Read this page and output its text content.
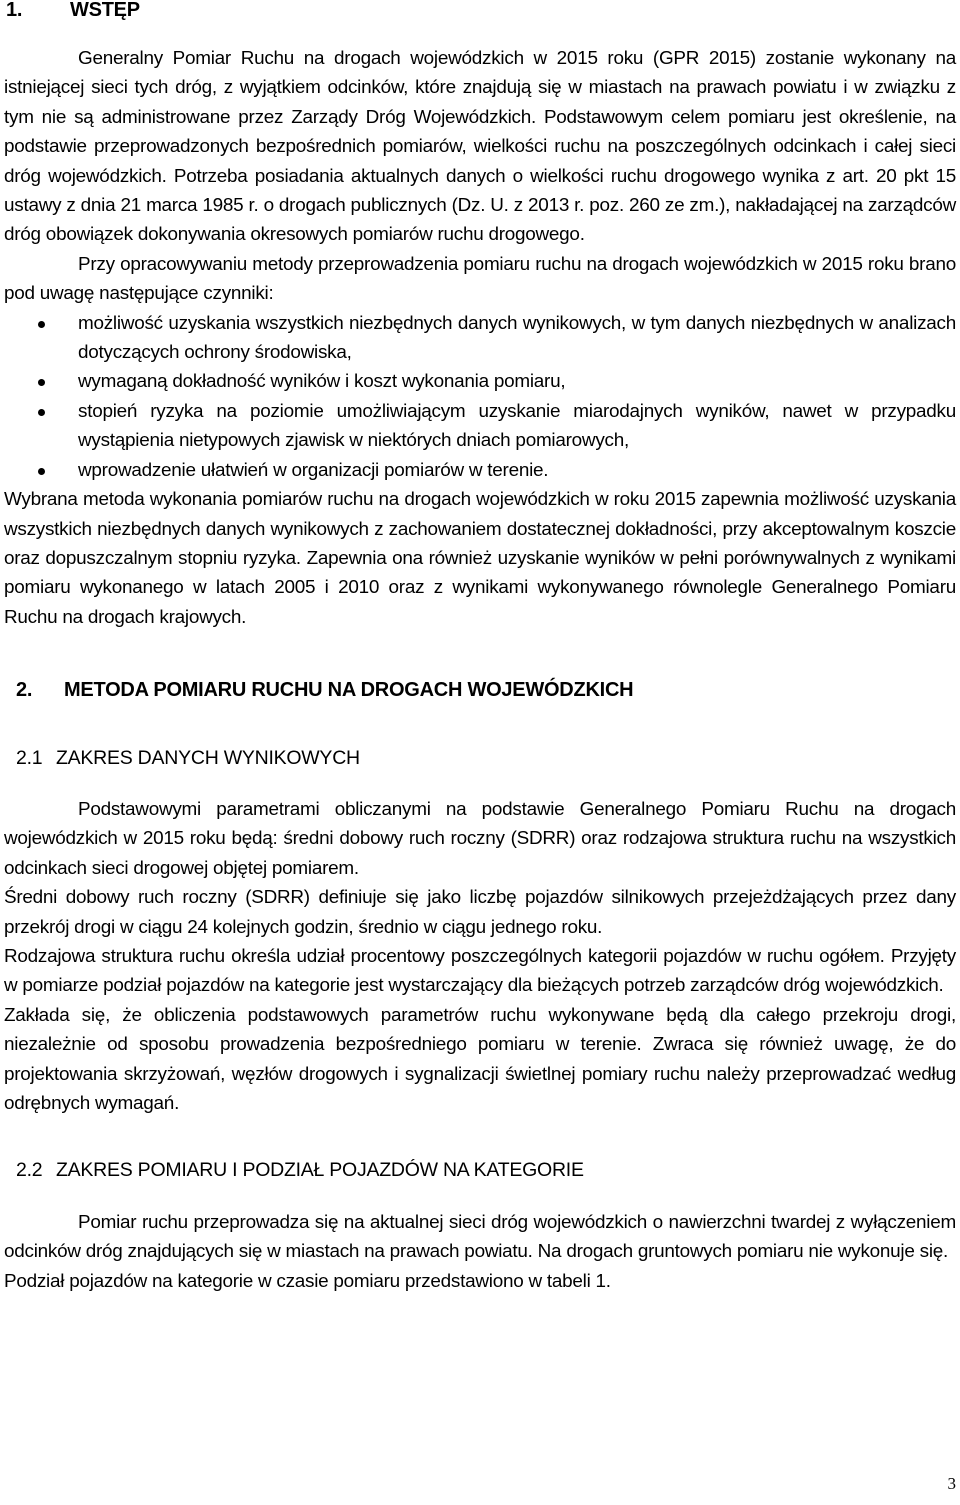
1.	WSTĘP

Generalny Pomiar Ruchu na drogach wojewódzkich w 2015 roku (GPR 2015) zostanie wykonany na istniejącej sieci tych dróg, z wyjątkiem odcinków, które znajdują się w miastach na prawach powiatu i w związku z tym nie są administrowane przez Zarządy Dróg Wojewódzkich. Podstawowym celem pomiaru jest określenie, na podstawie przeprowadzonych bezpośrednich pomiarów, wielkości ruchu na poszczególnych odcinkach i całej sieci dróg wojewódzkich. Potrzeba posiadania aktualnych danych o wielkości ruchu drogowego wynika z art. 20 pkt 15 ustawy z dnia 21 marca 1985 r. o drogach publicznych (Dz. U. z 2013 r. poz. 260 ze zm.), nakładającej na zarządców dróg obowiązek dokonywania okresowych pomiarów ruchu drogowego.

Przy opracowywaniu metody przeprowadzenia pomiaru ruchu na drogach wojewódzkich w 2015 roku brano pod uwagę następujące czynniki:

możliwość uzyskania wszystkich niezbędnych danych wynikowych, w tym danych niezbędnych w analizach dotyczących ochrony środowiska,
wymaganą dokładność wyników i koszt wykonania pomiaru,
stopień ryzyka na poziomie umożliwiającym uzyskanie miarodajnych wyników, nawet w przypadku wystąpienia nietypowych zjawisk w niektórych dniach pomiarowych,
wprowadzenie ułatwień w organizacji pomiarów w terenie.

Wybrana metoda wykonania pomiarów ruchu na drogach wojewódzkich w roku 2015 zapewnia możliwość uzyskania wszystkich niezbędnych danych wynikowych z zachowaniem dostatecznej dokładności, przy akceptowalnym koszcie oraz dopuszczalnym stopniu ryzyka. Zapewnia ona również uzyskanie wyników w pełni porównywalnych z wynikami pomiaru wykonanego w latach 2005 i 2010 oraz z wynikami wykonywanego równolegle Generalnego Pomiaru Ruchu na drogach krajowych.

2.	METODA POMIARU RUCHU NA DROGACH WOJEWÓDZKICH
2.1 ZAKRES DANYCH WYNIKOWYCH

Podstawowymi parametrami obliczanymi na podstawie Generalnego Pomiaru Ruchu na drogach wojewódzkich w 2015 roku będą: średni dobowy ruch roczny (SDRR) oraz rodzajowa struktura ruchu na wszystkich odcinkach sieci drogowej objętej pomiarem.

Średni dobowy ruch roczny (SDRR) definiuje się jako liczbę pojazdów silnikowych przejeżdżających przez dany przekrój drogi w ciągu 24 kolejnych godzin, średnio w ciągu jednego roku.

Rodzajowa struktura ruchu określa udział procentowy poszczególnych kategorii pojazdów w ruchu ogółem. Przyjęty w pomiarze podział pojazdów na kategorie jest wystarczający dla bieżących potrzeb zarządców dróg wojewódzkich.

Zakłada się, że obliczenia podstawowych parametrów ruchu wykonywane będą dla całego przekroju drogi, niezależnie od sposobu prowadzenia bezpośredniego pomiaru w terenie. Zwraca się również uwagę, że do projektowania skrzyżowań, węzłów drogowych i sygnalizacji świetlnej pomiary ruchu należy przeprowadzać według odrębnych wymagań.

2.2 ZAKRES POMIARU I PODZIAŁ POJAZDÓW NA KATEGORIE

Pomiar ruchu przeprowadza się na aktualnej sieci dróg wojewódzkich o nawierzchni twardej z wyłączeniem odcinków dróg znajdujących się w miastach na prawach powiatu. Na drogach gruntowych pomiaru nie wykonuje się.

Podział pojazdów na kategorie w czasie pomiaru przedstawiono w tabeli 1.

3
